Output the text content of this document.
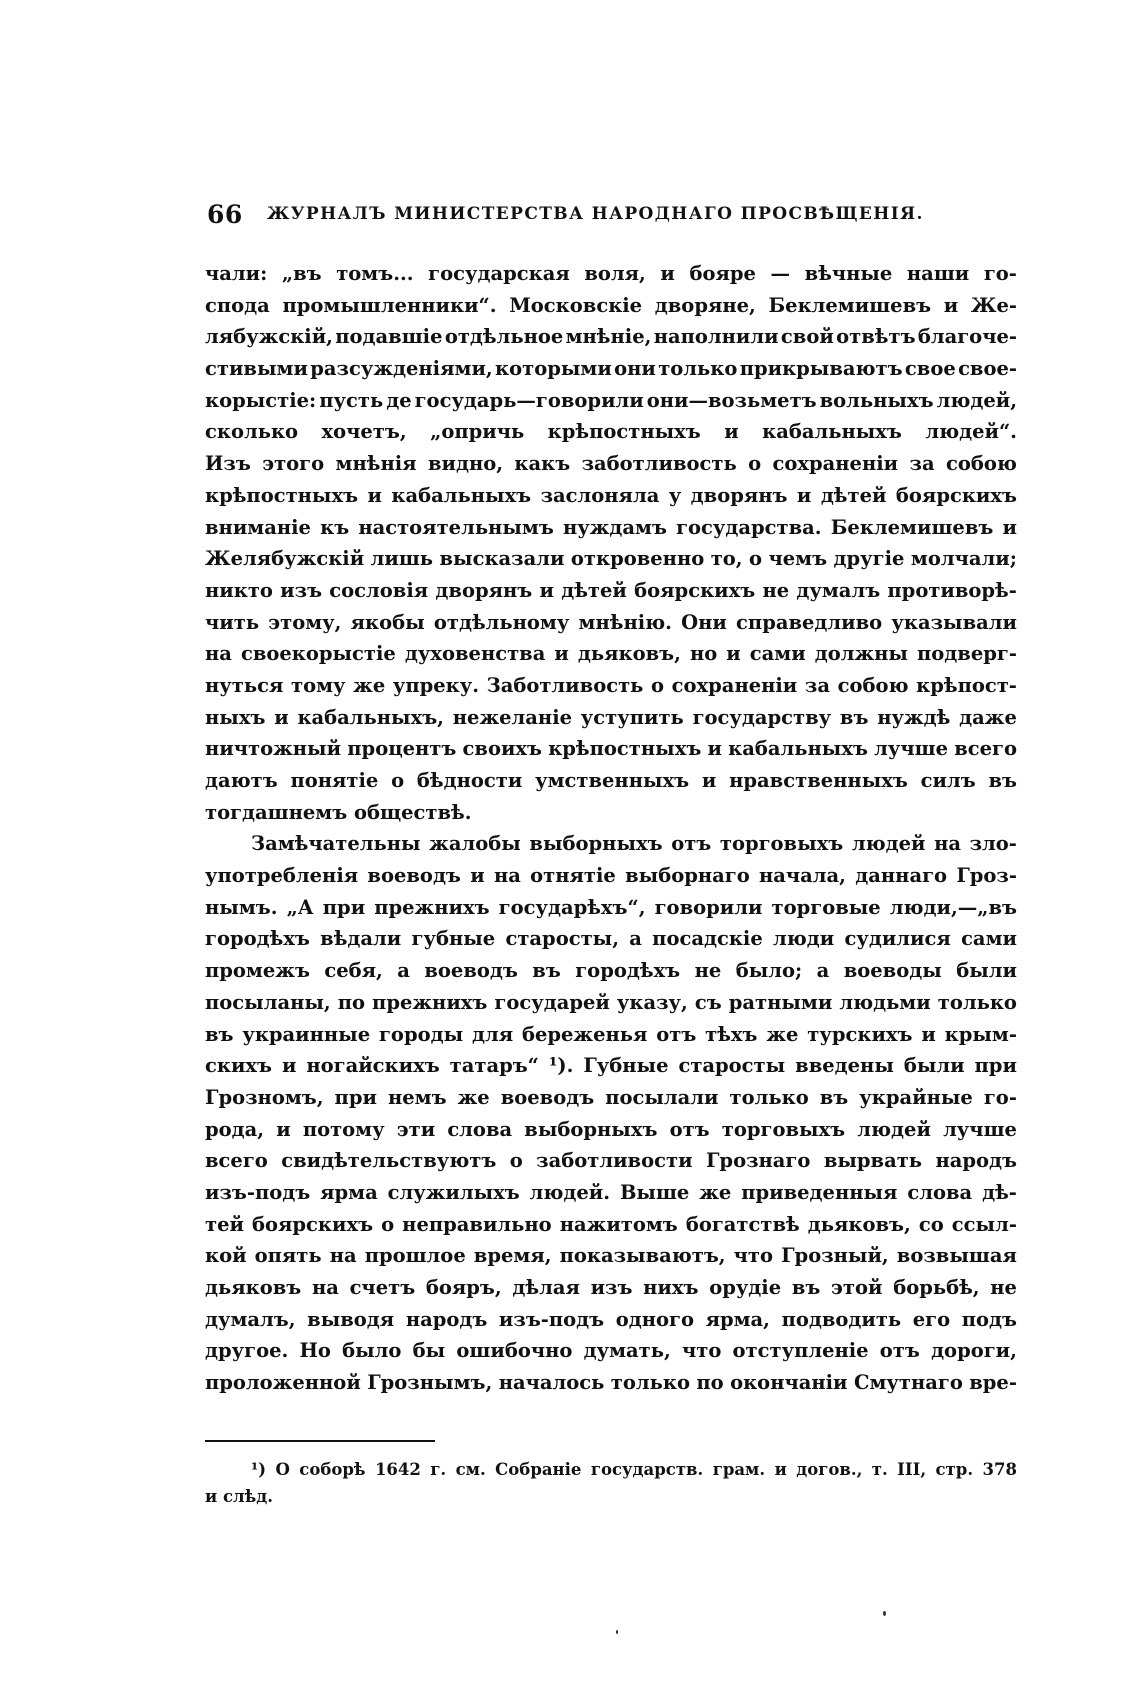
66 ЖУРНАЛЪ МИНИСТЕРСТВА НАРОДНАГО ПРОСВѢЩЕНІЯ.
чали: „въ томъ... государская воля, и бояре — вѣчные наши го-
спода промышленники“. Московскіе дворяне, Беклемишевъ и Же-
лябужскій, подавшіе отдѣльное мнѣніе, наполнили свой отвѣтъ благоче-
стивыми разсужденіями, которыми они только прикрываютъ свое свое-
корыстіе: пусть де государь—говорили они—возьметъ вольныхъ людей,
сколько хочетъ, „опричь крѣпостныхъ и кабальныхъ людей“.
Изъ этого мнѣнія видно, какъ заботливость о сохраненіи за собою
крѣпостныхъ и кабальныхъ заслоняла у дворянъ и дѣтей боярскихъ
вниманіе къ настоятельнымъ нуждамъ государства. Беклемишевъ и
Желябужскій лишь высказали откровенно то, о чемъ другіе молчали;
никто изъ сословія дворянъ и дѣтей боярскихъ не думалъ противорѣ-
чить этому, якобы отдѣльному мнѣнію. Они справедливо указывали
на своекорыстіе духовенства и дьяковъ, но и сами должны подверг-
нуться тому же упреку. Заботливость о сохраненіи за собою крѣпост-
ныхъ и кабальныхъ, нежеланіе уступить государству въ нуждѣ даже
ничтожный процентъ своихъ крѣпостныхъ и кабальныхъ лучше всего
даютъ понятіе о бѣдности умственныхъ и нравственныхъ силъ въ
тогдашнемъ обществѣ.
Замѣчательны жалобы выборныхъ отъ торговыхъ людей на зло-
употребленія воеводъ и на отнятіе выборнаго начала, даннаго Гроз-
нымъ. „А при прежнихъ государѣхъ“, говорили торговые люди,—„въ
городѣхъ вѣдали губные старосты, а посадскіе люди судилися сами
промежъ себя, а воеводъ въ городѣхъ не было; а воеводы были
посыланы, по прежнихъ государей указу, съ ратными людьми только
въ украинные городы для береженья отъ тѣхъ же турскихъ и крым-
скихъ и ногайскихъ татаръ“ ¹). Губные старосты введены были при
Грозномъ, при немъ же воеводъ посылали только въ украйные го-
рода, и потому эти слова выборныхъ отъ торговыхъ людей лучше
всего свидѣтельствуютъ о заботливости Грознаго вырвать народъ
изъ-подъ ярма служилыхъ людей. Выше же приведенныя слова дѣ-
тей боярскихъ о неправильно нажитомъ богатствѣ дьяковъ, со ссыл-
кой опять на прошлое время, показываютъ, что Грозный, возвышая
дьяковъ на счетъ бояръ, дѣлая изъ нихъ орудіе въ этой борьбѣ, не
думалъ, выводя народъ изъ-подъ одного ярма, подводить его подъ
другое. Но было бы ошибочно думать, что отступленіе отъ дороги,
проложенной Грознымъ, началось только по окончаніи Смутнаго вре-
¹) О соборѣ 1642 г. см. Собраніе государств. грам. и догов., т. III, стр. 378
и слѣд.
